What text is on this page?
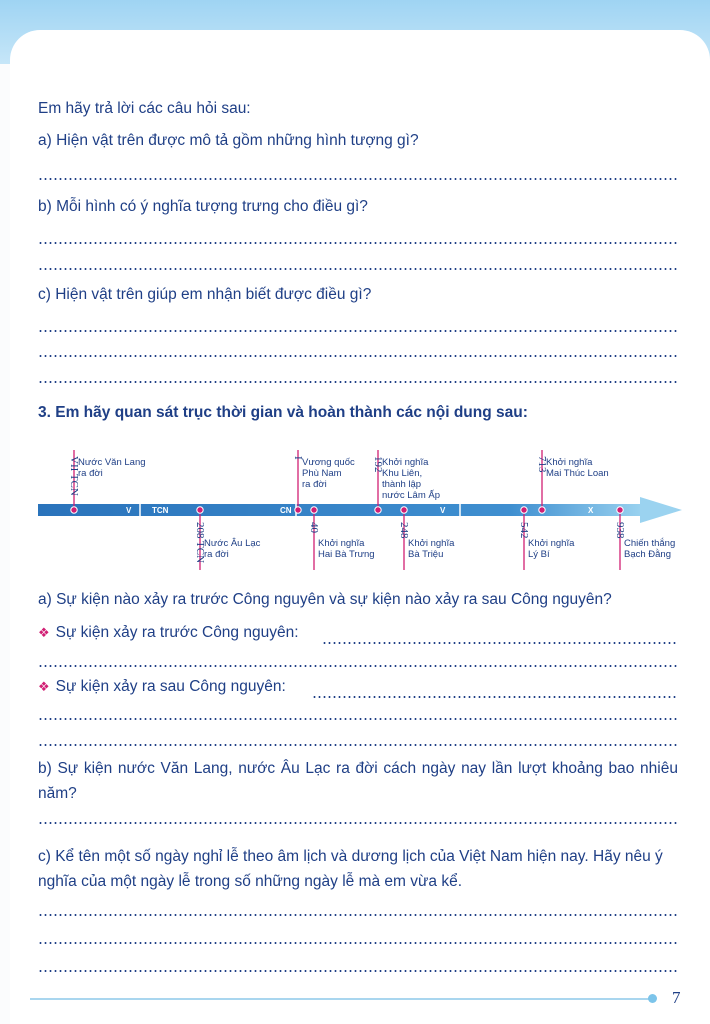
Em hãy trả lời các câu hỏi sau:
a) Hiện vật trên được mô tả gồm những hình tượng gì?
b) Mỗi hình có ý nghĩa tượng trưng cho điều gì?
c) Hiện vật trên giúp em nhận biết được điều gì?
3. Em hãy quan sát trục thời gian và hoàn thành các nội dung sau:
V	TCN	CN	V	X
VII TCN
Nước Văn Lang
ra đời
I
Vương quốc
Phù Nam
ra đời
192
Khởi nghĩa
Khu Liên,
thành lập
nước Lâm Ấp
713
Khởi nghĩa
Mai Thúc Loan
208 TCN
Nước Âu Lạc
ra đời
40
Khởi nghĩa
Hai Bà Trưng
248
Khởi nghĩa
Bà Triệu
542
Khởi nghĩa
Lý Bí
938
Chiến thắng
Bạch Đằng
a) Sự kiện nào xảy ra trước Công nguyên và sự kiện nào xảy ra sau Công nguyên?
❖ Sự kiện xảy ra trước Công nguyên:
❖ Sự kiện xảy ra sau Công nguyên:
b) Sự kiện nước Văn Lang, nước Âu Lạc ra đời cách ngày nay lần lượt khoảng bao nhiêu năm?
c) Kể tên một số ngày nghỉ lễ theo âm lịch và dương lịch của Việt Nam hiện nay. Hãy nêu ý nghĩa của một ngày lễ trong số những ngày lễ mà em vừa kể.
7
